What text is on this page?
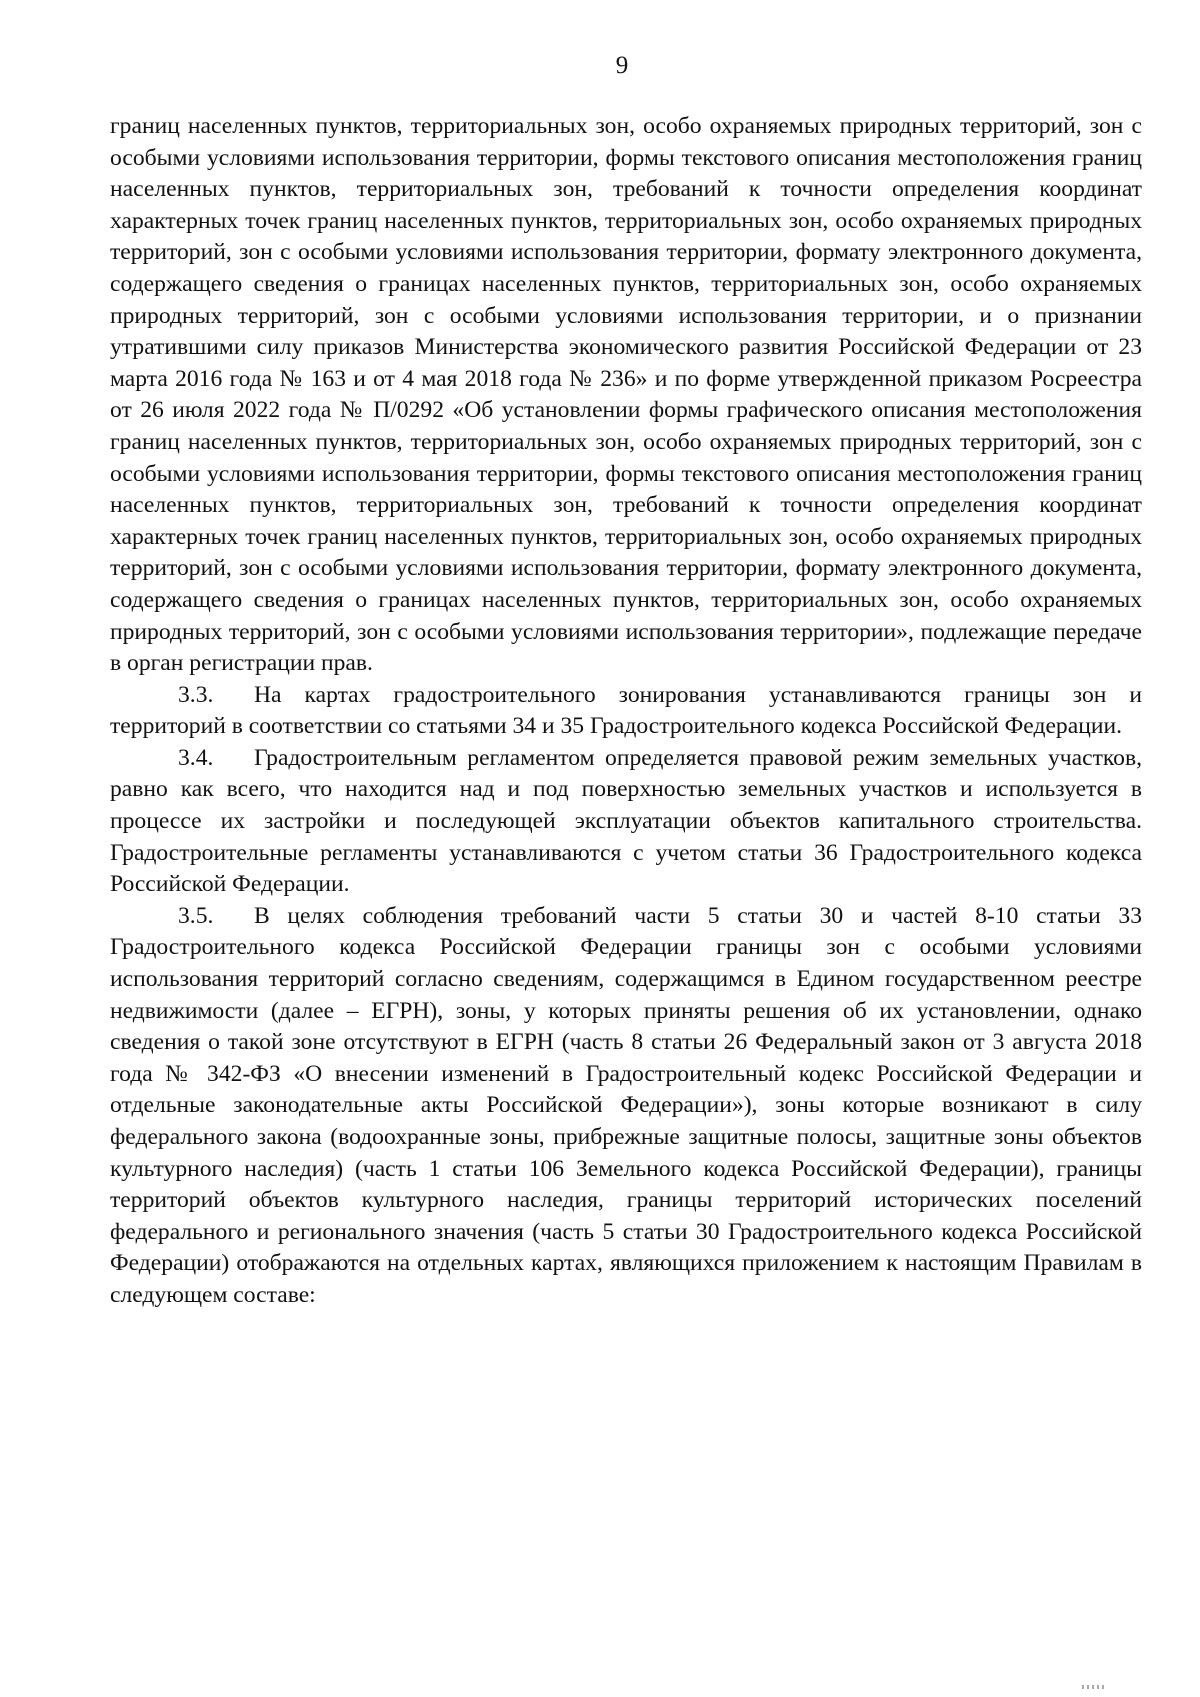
9

границ населенных пунктов, территориальных зон, особо охраняемых природных территорий, зон с особыми условиями использования территории, формы текстового описания местоположения границ населенных пунктов, территориальных зон, требований к точности определения координат характерных точек границ населенных пунктов, территориальных зон, особо охраняемых природных территорий, зон с особыми условиями использования территории, формату электронного документа, содержащего сведения о границах населенных пунктов, территориальных зон, особо охраняемых природных территорий, зон с особыми условиями использования территории, и о признании утратившими силу приказов Министерства экономического развития Российской Федерации от 23 марта 2016 года № 163 и от 4 мая 2018 года № 236» и по форме утвержденной приказом Росреестра от 26 июля 2022 года № П/0292 «Об установлении формы графического описания местоположения границ населенных пунктов, территориальных зон, особо охраняемых природных территорий, зон с особыми условиями использования территории, формы текстового описания местоположения границ населенных пунктов, территориальных зон, требований к точности определения координат характерных точек границ населенных пунктов, территориальных зон, особо охраняемых природных территорий, зон с особыми условиями использования территории, формату электронного документа, содержащего сведения о границах населенных пунктов, территориальных зон, особо охраняемых природных территорий, зон с особыми условиями использования территории», подлежащие передаче в орган регистрации прав.

3.3. На картах градостроительного зонирования устанавливаются границы зон и территорий в соответствии со статьями 34 и 35 Градостроительного кодекса Российской Федерации.

3.4. Градостроительным регламентом определяется правовой режим земельных участков, равно как всего, что находится над и под поверхностью земельных участков и используется в процессе их застройки и последующей эксплуатации объектов капитального строительства. Градостроительные регламенты устанавливаются с учетом статьи 36 Градостроительного кодекса Российской Федерации.

3.5. В целях соблюдения требований части 5 статьи 30 и частей 8-10 статьи 33 Градостроительного кодекса Российской Федерации границы зон с особыми условиями использования территорий согласно сведениям, содержащимся в Едином государственном реестре недвижимости (далее – ЕГРН), зоны, у которых приняты решения об их установлении, однако сведения о такой зоне отсутствуют в ЕГРН (часть 8 статьи 26 Федеральный закон от 3 августа 2018 года № 342-ФЗ «О внесении изменений в Градостроительный кодекс Российской Федерации и отдельные законодательные акты Российской Федерации»), зоны которые возникают в силу федерального закона (водоохранные зоны, прибрежные защитные полосы, защитные зоны объектов культурного наследия) (часть 1 статьи 106 Земельного кодекса Российской Федерации), границы территорий объектов культурного наследия, границы территорий исторических поселений федерального и регионального значения (часть 5 статьи 30 Градостроительного кодекса Российской Федерации) отображаются на отдельных картах, являющихся приложением к настоящим Правилам в следующем составе:
